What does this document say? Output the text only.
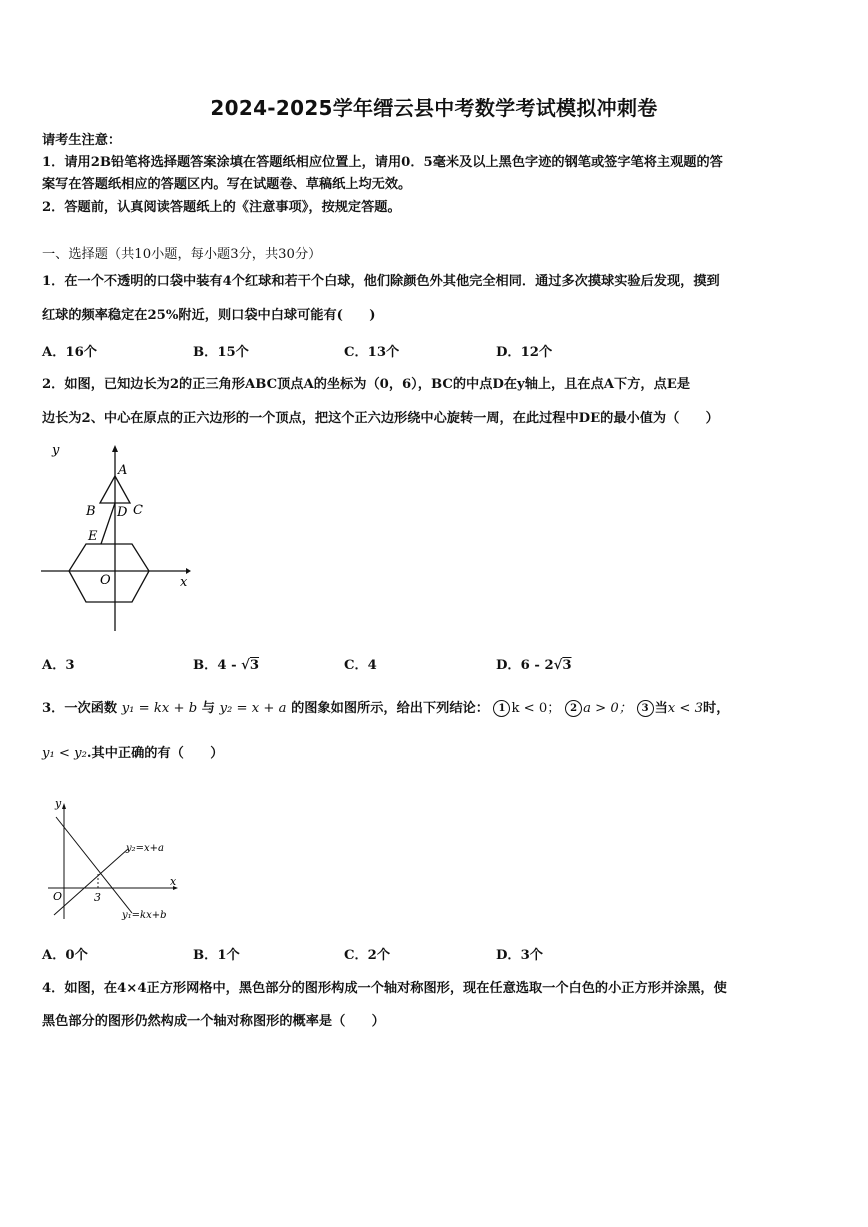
2024-2025学年缙云县中考数学考试模拟冲刺卷
请考生注意：
1．请用2B铅笔将选择题答案涂填在答题纸相应位置上，请用0．5毫米及以上黑色字迹的钢笔或签字笔将主观题的答
案写在答题纸相应的答题区内。写在试题卷、草稿纸上均无效。
2．答题前，认真阅读答题纸上的《注意事项》，按规定答题。
一、选择题（共10小题，每小题3分，共30分）
1．在一个不透明的口袋中装有4个红球和若干个白球，他们除颜色外其他完全相同．通过多次摸球实验后发现，摸到
红球的频率稳定在25%附近，则口袋中白球可能有(　　)
A．16个	B．15个	C．13个	D．12个
2．如图，已知边长为2的正三角形ABC顶点A的坐标为（0，6），BC的中点D在y轴上，且在点A下方，点E是
边长为2、中心在原点的正六边形的一个顶点，把这个正六边形绕中心旋转一周，在此过程中DE的最小值为（　　）
y
A
B D C
E
O	x
A．3	B．4 - √3	C．4	D．6 - 2√3
3．一次函数 y₁ = kx + b 与 y₂ = x + a 的图象如图所示，给出下列结论： 1 k < 0； 2 a > 0； 3 当x < 3时，
y₁ < y₂.其中正确的有（　　）
y
x
O	3
y₂=x+a
y₁=kx+b
A．0个	B．1个	C．2个	D．3个
4．如图，在4×4正方形网格中，黑色部分的图形构成一个轴对称图形，现在任意选取一个白色的小正方形并涂黑，使
黑色部分的图形仍然构成一个轴对称图形的概率是（　　）
